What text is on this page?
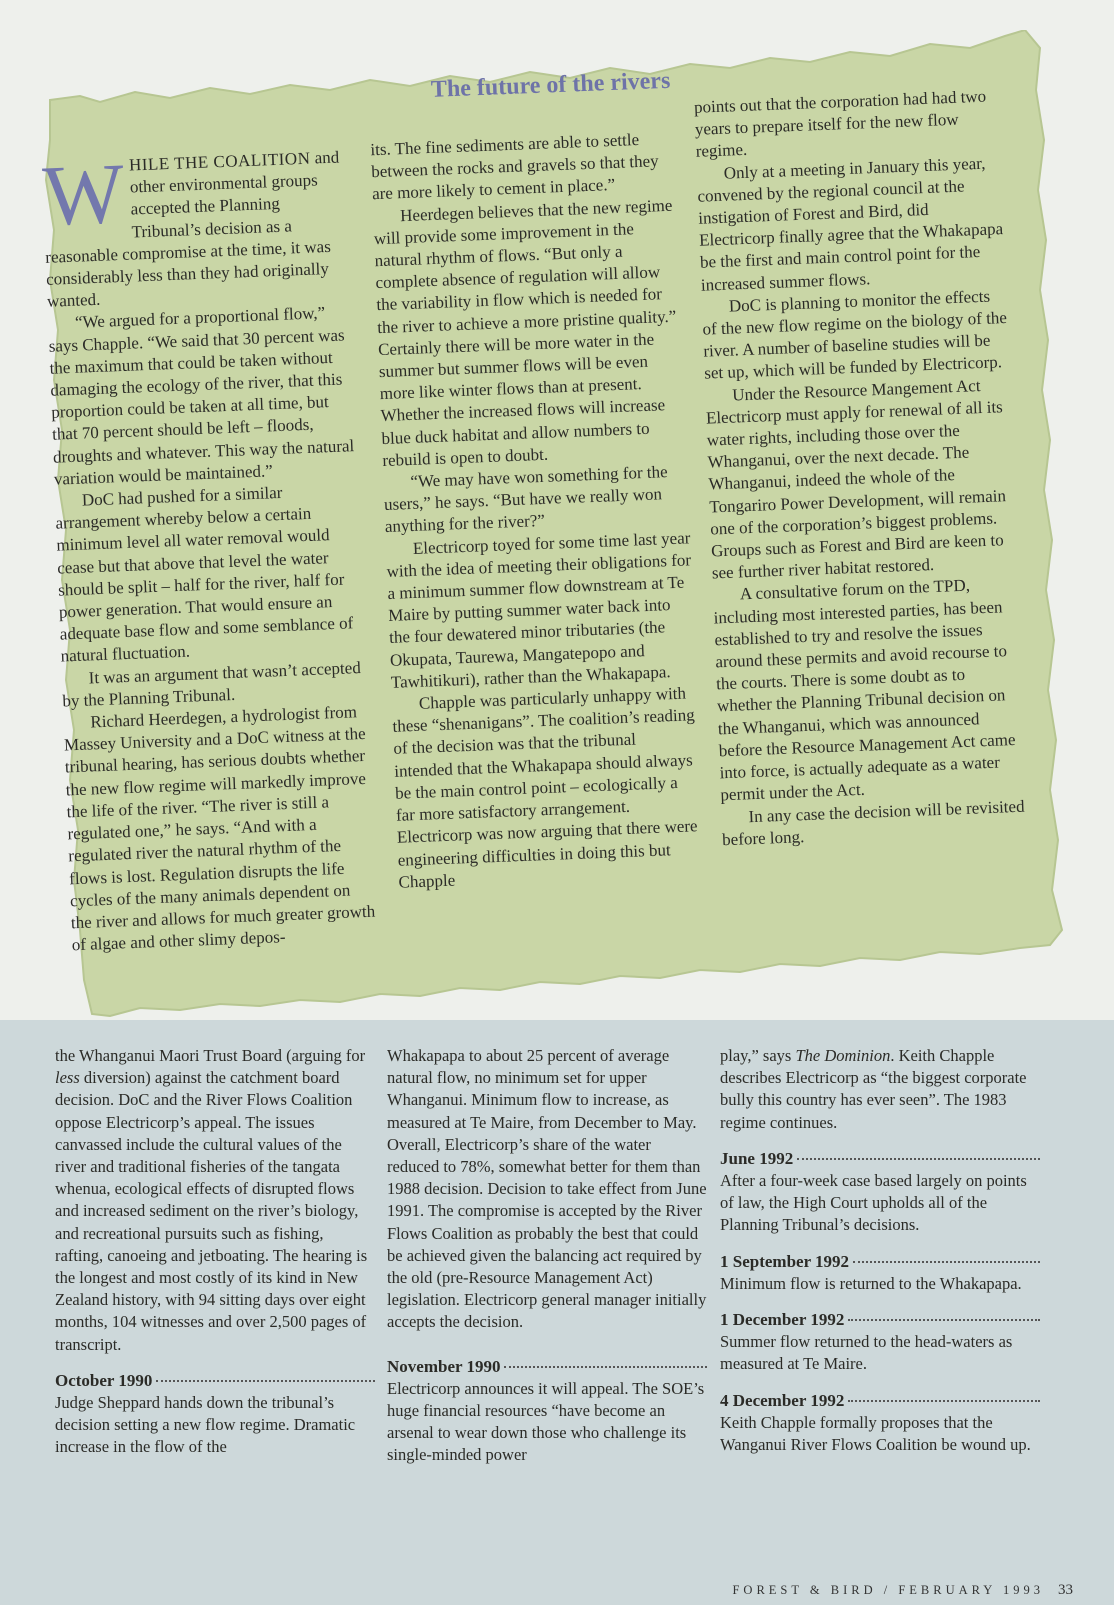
The future of the rivers

WHILE THE COALITION and other environmental groups accepted the Planning Tribunal’s decision as a reasonable compromise at the time, it was considerably less than they had originally wanted.

“We argued for a proportional flow,” says Chapple. “We said that 30 percent was the maximum that could be taken without damaging the ecology of the river, that this proportion could be taken at all time, but that 70 percent should be left – floods, droughts and whatever. This way the natural variation would be maintained.”

DoC had pushed for a similar arrangement whereby below a certain minimum level all water removal would cease but that above that level the water should be split – half for the river, half for power generation. That would ensure an adequate base flow and some semblance of natural fluctuation.

It was an argument that wasn’t accepted by the Planning Tribunal.

Richard Heerdegen, a hydrologist from Massey University and a DoC witness at the tribunal hearing, has serious doubts whether the new flow regime will markedly improve the life of the river. “The river is still a regulated one,” he says. “And with a regulated river the natural rhythm of the flows is lost. Regulation disrupts the life cycles of the many animals dependent on the river and allows for much greater growth of algae and other slimy depos-

its. The fine sediments are able to settle between the rocks and gravels so that they are more likely to cement in place.”

Heerdegen believes that the new regime will provide some improvement in the natural rhythm of flows. “But only a complete absence of regulation will allow the variability in flow which is needed for the river to achieve a more pristine quality.” Certainly there will be more water in the summer but summer flows will be even more like winter flows than at present. Whether the increased flows will increase blue duck habitat and allow numbers to rebuild is open to doubt.

“We may have won something for the users,” he says. “But have we really won anything for the river?”

Electricorp toyed for some time last year with the idea of meeting their obligations for a minimum summer flow downstream at Te Maire by putting summer water back into the four dewatered minor tributaries (the Okupata, Taurewa, Mangatepopo and Tawhitikuri), rather than the Whakapapa.

Chapple was particularly unhappy with these “shenanigans”. The coalition’s reading of the decision was that the tribunal intended that the Whakapapa should always be the main control point – ecologically a far more satisfactory arrangement. Electricorp was now arguing that there were engineering difficulties in doing this but Chapple

points out that the corporation had had two years to prepare itself for the new flow regime.

Only at a meeting in January this year, convened by the regional council at the instigation of Forest and Bird, did Electricorp finally agree that the Whakapapa be the first and main control point for the increased summer flows.

DoC is planning to monitor the effects of the new flow regime on the biology of the river. A number of baseline studies will be set up, which will be funded by Electricorp.

Under the Resource Mangement Act Electricorp must apply for renewal of all its water rights, including those over the Whanganui, over the next decade. The Whanganui, indeed the whole of the Tongariro Power Development, will remain one of the corporation’s biggest problems. Groups such as Forest and Bird are keen to see further river habitat restored.

A consultative forum on the TPD, including most interested parties, has been established to try and resolve the issues around these permits and avoid recourse to the courts. There is some doubt as to whether the Planning Tribunal decision on the Whanganui, which was announced before the Resource Management Act came into force, is actually adequate as a water permit under the Act.

In any case the decision will be revisited before long.

the Whanganui Maori Trust Board (arguing for less diversion) against the catchment board decision. DoC and the River Flows Coalition oppose Electricorp’s appeal. The issues canvassed include the cultural values of the river and traditional fisheries of the tangata whenua, ecological effects of disrupted flows and increased sediment on the river’s biology, and recreational pursuits such as fishing, rafting, canoeing and jetboating. The hearing is the longest and most costly of its kind in New Zealand history, with 94 sitting days over eight months, 104 witnesses and over 2,500 pages of transcript.

October 1990

Judge Sheppard hands down the tribunal’s decision setting a new flow regime. Dramatic increase in the flow of the

Whakapapa to about 25 percent of average natural flow, no minimum set for upper Whanganui. Minimum flow to increase, as measured at Te Maire, from December to May. Overall, Electricorp’s share of the water reduced to 78%, somewhat better for them than 1988 decision. Decision to take effect from June 1991. The compromise is accepted by the River Flows Coalition as probably the best that could be achieved given the balancing act required by the old (pre-Resource Management Act) legislation. Electricorp general manager initially accepts the decision.

November 1990

Electricorp announces it will appeal. The SOE’s huge financial resources “have become an arsenal to wear down those who challenge its single-minded power

play,” says The Dominion. Keith Chapple describes Electricorp as “the biggest corporate bully this country has ever seen”. The 1983 regime continues.

June 1992

After a four-week case based largely on points of law, the High Court upholds all of the Planning Tribunal’s decisions.

1 September 1992

Minimum flow is returned to the Whakapapa.

1 December 1992

Summer flow returned to the head-waters as measured at Te Maire.

4 December 1992

Keith Chapple formally proposes that the Wanganui River Flows Coalition be wound up.

FOREST & BIRD / FEBRUARY 1993 33
